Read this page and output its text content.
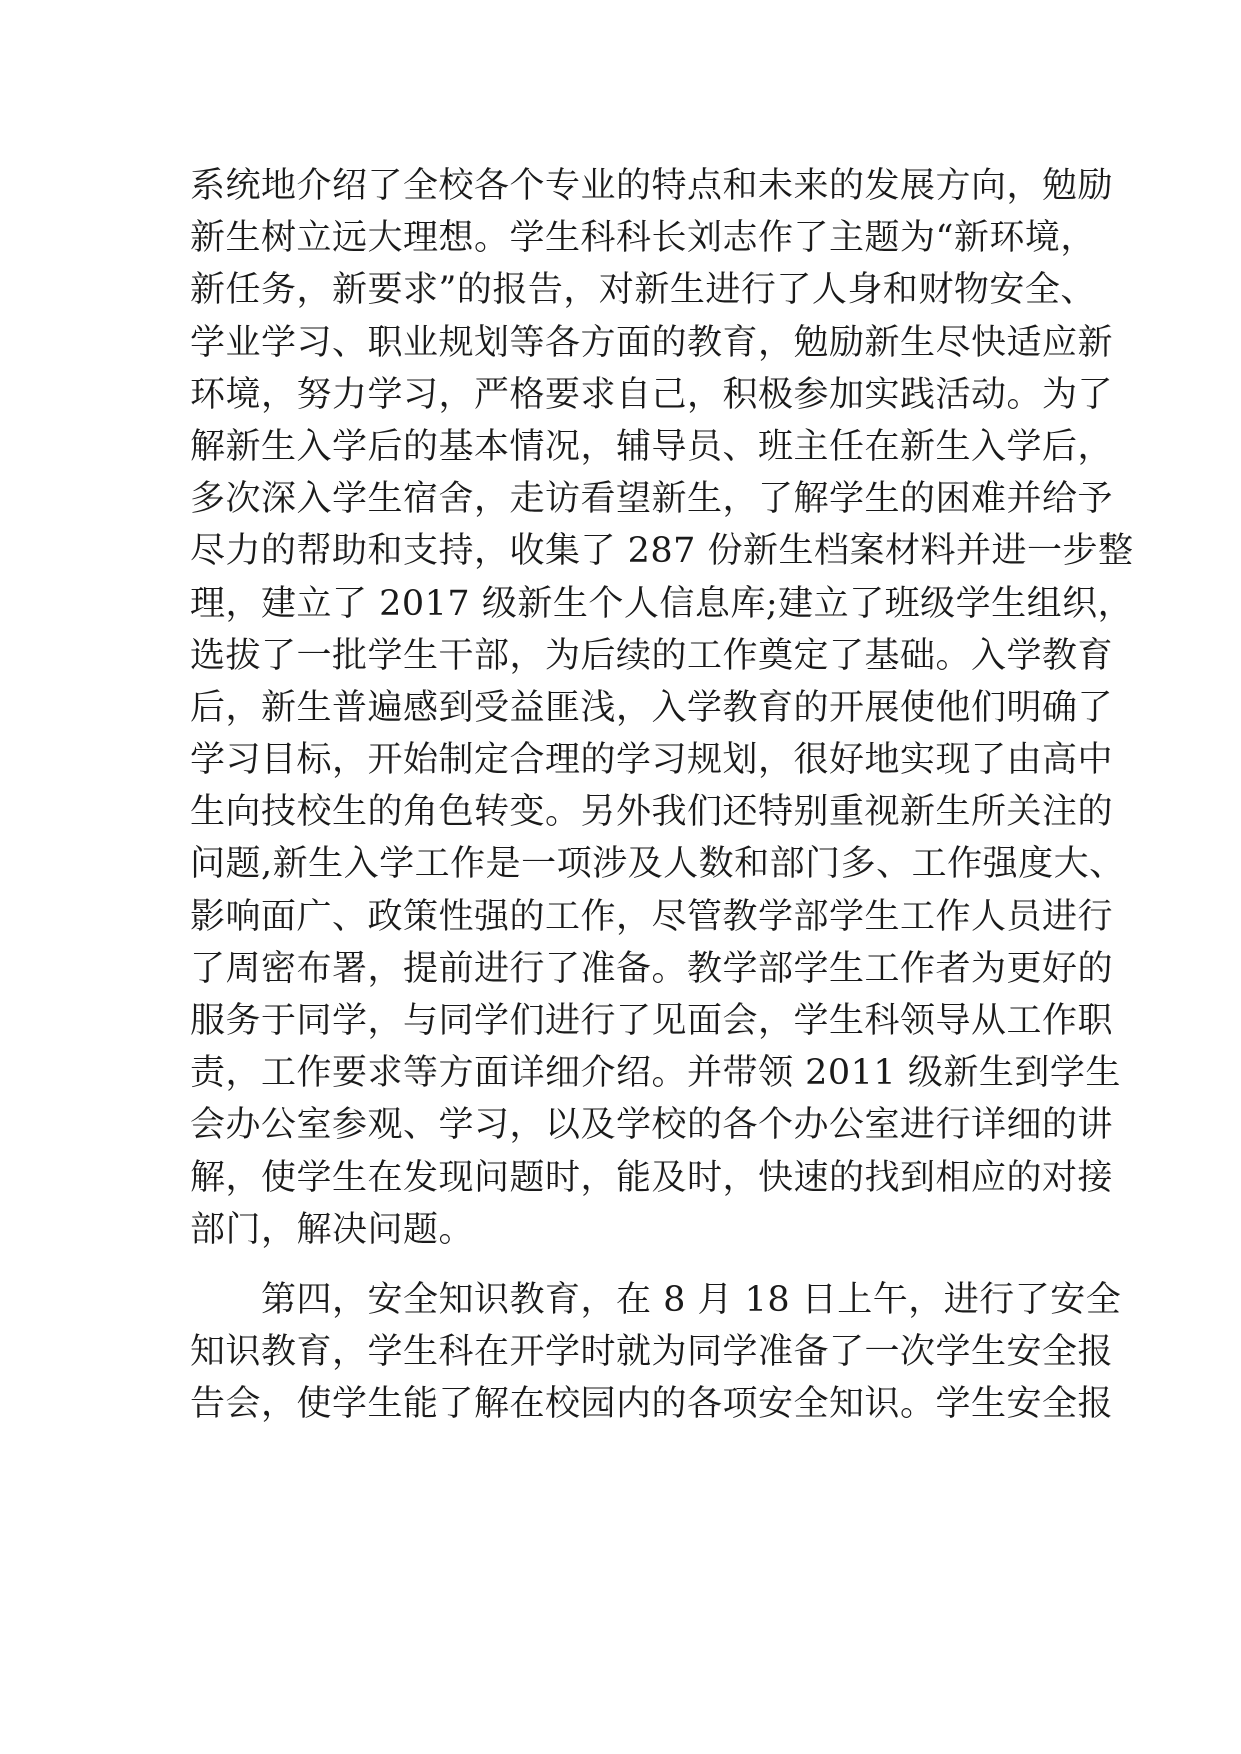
系统地介绍了全校各个专业的特点和未来的发展方向，勉励
新生树立远大理想。学生科科长刘志作了主题为“新环境，
新任务，新要求”的报告，对新生进行了人身和财物安全、
学业学习、职业规划等各方面的教育，勉励新生尽快适应新
环境，努力学习，严格要求自己，积极参加实践活动。为了
解新生入学后的基本情况，辅导员、班主任在新生入学后，
多次深入学生宿舍，走访看望新生，了解学生的困难并给予
尽力的帮助和支持，收集了 287 份新生档案材料并进一步整
理，建立了 2017 级新生个人信息库;建立了班级学生组织，
选拔了一批学生干部，为后续的工作奠定了基础。入学教育
后，新生普遍感到受益匪浅，入学教育的开展使他们明确了
学习目标，开始制定合理的学习规划，很好地实现了由高中
生向技校生的角色转变。另外我们还特别重视新生所关注的
问题,新生入学工作是一项涉及人数和部门多、工作强度大、
影响面广、政策性强的工作，尽管教学部学生工作人员进行
了周密布署，提前进行了准备。教学部学生工作者为更好的
服务于同学，与同学们进行了见面会，学生科领导从工作职
责，工作要求等方面详细介绍。并带领 2011 级新生到学生
会办公室参观、学习，以及学校的各个办公室进行详细的讲
解，使学生在发现问题时，能及时，快速的找到相应的对接
部门，解决问题。
　　第四，安全知识教育，在 8 月 18 日上午，进行了安全
知识教育，学生科在开学时就为同学准备了一次学生安全报
告会，使学生能了解在校园内的各项安全知识。学生安全报
